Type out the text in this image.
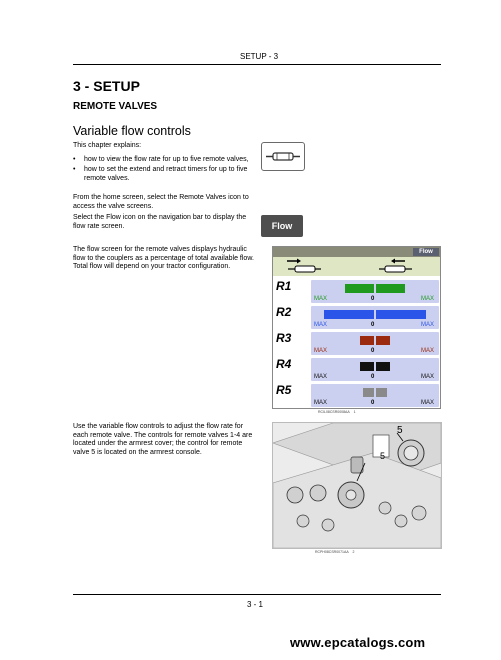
SETUP - 3
3 - SETUP
REMOTE VALVES
Variable flow controls
This chapter explains:
• how to view the flow rate for up to five remote valves,
• how to set the extend and retract timers for up to five remote valves.
From the home screen, select the Remote Valves icon to access the valve screens.
Select the Flow icon on the navigation bar to display the flow rate screen.
The flow screen for the remote valves displays hydraulic flow to the couplers as a percentage of total available flow. Total flow will depend on your tractor configuration.
Use the variable flow controls to adjust the flow rate for each remote valve. The controls for remote valves 1-4 are located under the armrest cover; the control for remote valve 5 is located on the armrest console.
Flow
Flow
R1
MAX	0	MAX
R2
MAX	0	MAX
R3
MAX	0	MAX
R4
MAX	0	MAX
R5
MAX	0	MAX
RCIL08CSR0008AA 1
5
5
RCPH08CSR0071AA 2
3 - 1
www.epcatalogs.com
